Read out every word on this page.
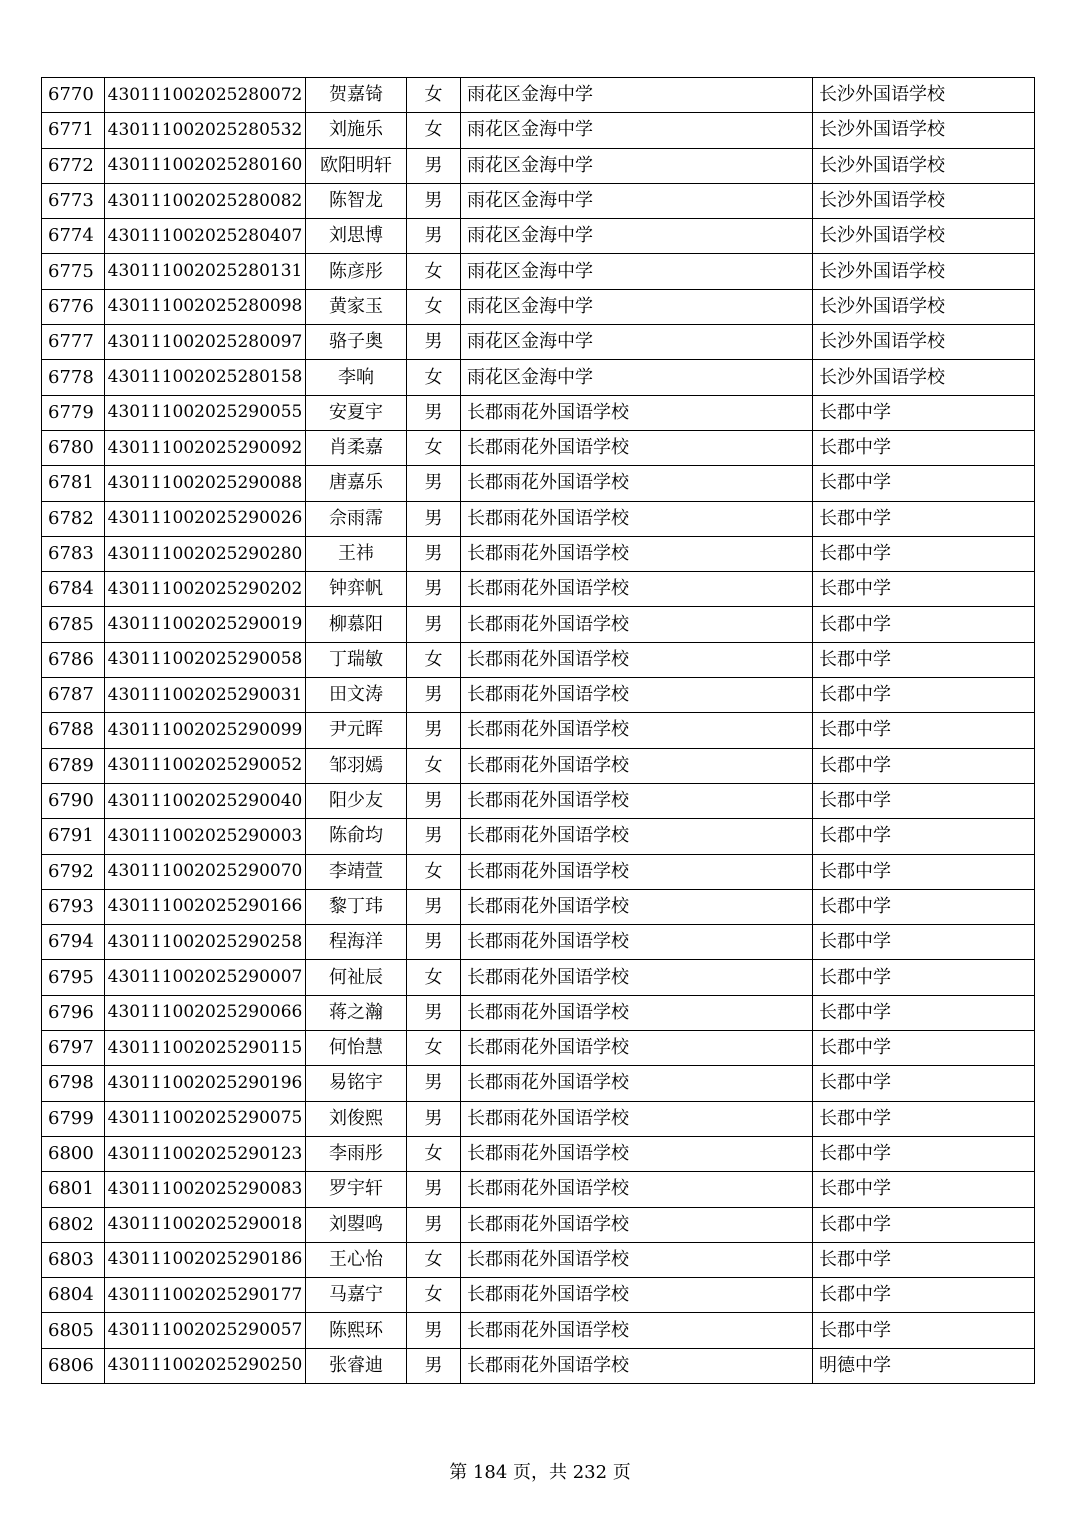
6770	430111002025280072	贺嘉锜	女	雨花区金海中学	长沙外国语学校
6771	430111002025280532	刘施乐	女	雨花区金海中学	长沙外国语学校
6772	430111002025280160	欧阳明轩	男	雨花区金海中学	长沙外国语学校
6773	430111002025280082	陈智龙	男	雨花区金海中学	长沙外国语学校
6774	430111002025280407	刘思博	男	雨花区金海中学	长沙外国语学校
6775	430111002025280131	陈彦彤	女	雨花区金海中学	长沙外国语学校
6776	430111002025280098	黄家玉	女	雨花区金海中学	长沙外国语学校
6777	430111002025280097	骆子奥	男	雨花区金海中学	长沙外国语学校
6778	430111002025280158	李响	女	雨花区金海中学	长沙外国语学校
6779	430111002025290055	安夏宇	男	长郡雨花外国语学校	长郡中学
6780	430111002025290092	肖柔嘉	女	长郡雨花外国语学校	长郡中学
6781	430111002025290088	唐嘉乐	男	长郡雨花外国语学校	长郡中学
6782	430111002025290026	佘雨霈	男	长郡雨花外国语学校	长郡中学
6783	430111002025290280	王祎	男	长郡雨花外国语学校	长郡中学
6784	430111002025290202	钟弈帆	男	长郡雨花外国语学校	长郡中学
6785	430111002025290019	柳慕阳	男	长郡雨花外国语学校	长郡中学
6786	430111002025290058	丁瑞敏	女	长郡雨花外国语学校	长郡中学
6787	430111002025290031	田文涛	男	长郡雨花外国语学校	长郡中学
6788	430111002025290099	尹元晖	男	长郡雨花外国语学校	长郡中学
6789	430111002025290052	邹羽嫣	女	长郡雨花外国语学校	长郡中学
6790	430111002025290040	阳少友	男	长郡雨花外国语学校	长郡中学
6791	430111002025290003	陈俞均	男	长郡雨花外国语学校	长郡中学
6792	430111002025290070	李靖萱	女	长郡雨花外国语学校	长郡中学
6793	430111002025290166	黎丁玮	男	长郡雨花外国语学校	长郡中学
6794	430111002025290258	程海洋	男	长郡雨花外国语学校	长郡中学
6795	430111002025290007	何祉辰	女	长郡雨花外国语学校	长郡中学
6796	430111002025290066	蒋之瀚	男	长郡雨花外国语学校	长郡中学
6797	430111002025290115	何怡慧	女	长郡雨花外国语学校	长郡中学
6798	430111002025290196	易铭宇	男	长郡雨花外国语学校	长郡中学
6799	430111002025290075	刘俊熙	男	长郡雨花外国语学校	长郡中学
6800	430111002025290123	李雨彤	女	长郡雨花外国语学校	长郡中学
6801	430111002025290083	罗宇轩	男	长郡雨花外国语学校	长郡中学
6802	430111002025290018	刘曌鸣	男	长郡雨花外国语学校	长郡中学
6803	430111002025290186	王心怡	女	长郡雨花外国语学校	长郡中学
6804	430111002025290177	马嘉宁	女	长郡雨花外国语学校	长郡中学
6805	430111002025290057	陈熙环	男	长郡雨花外国语学校	长郡中学
6806	430111002025290250	张睿迪	男	长郡雨花外国语学校	明德中学
第 184 页，共 232 页
